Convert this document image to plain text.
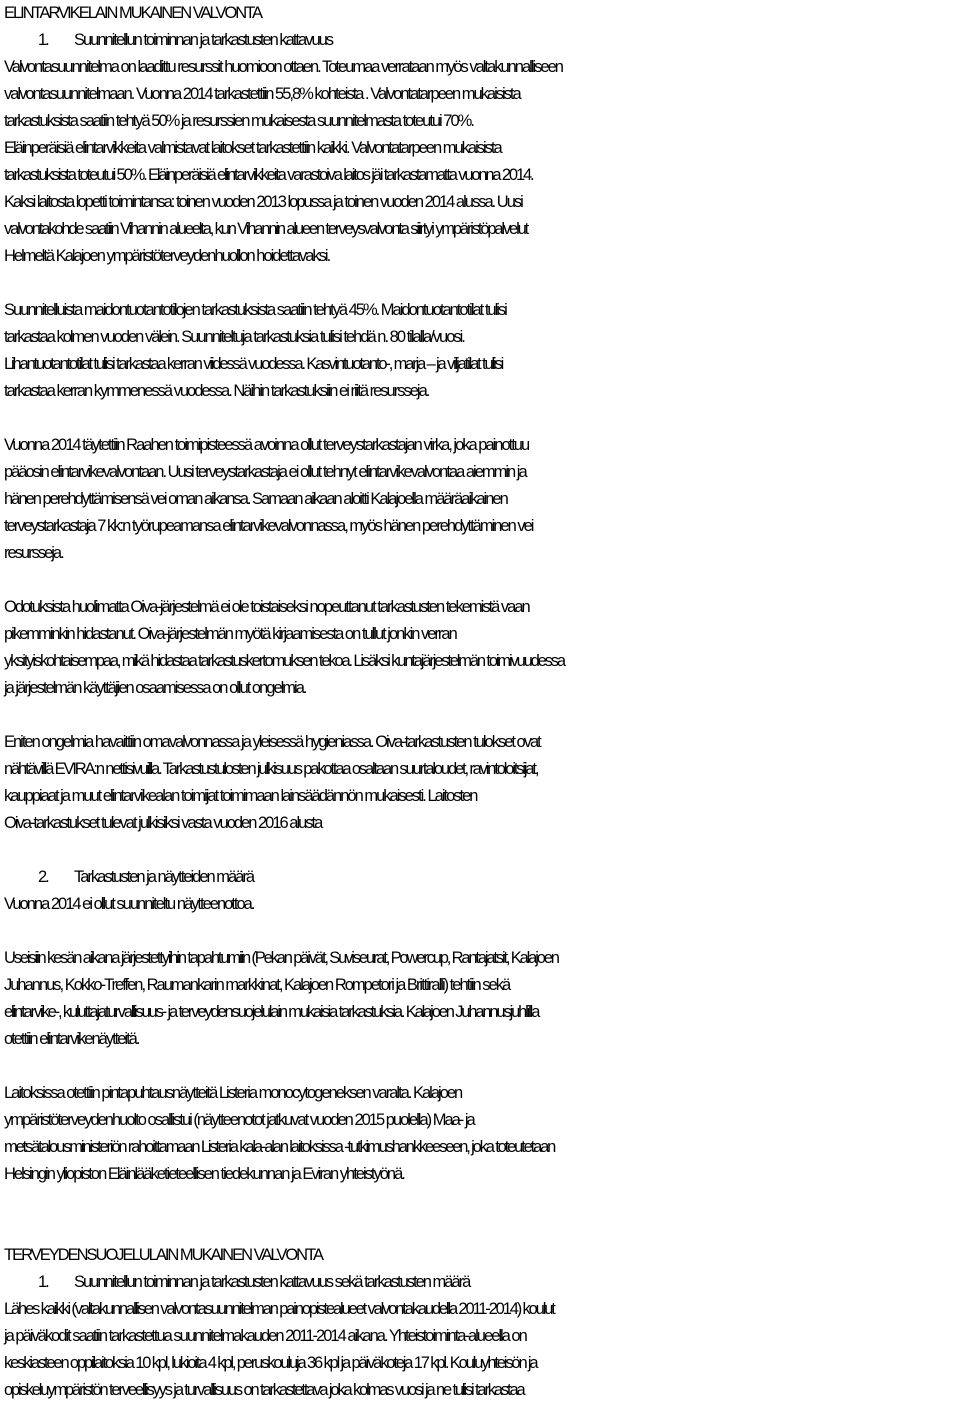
ELINTARVIKELAIN MUKAINEN VALVONTA
1. Suunnitellun toiminnan ja tarkastusten kattavuus
Valvontasuunnitelma on laadittu resurssit huomioon ottaen. Toteumaa verrataan myös valtakunnalliseen
valvontasuunnitelmaan. Vuonna 2014 tarkastettiin 55,8% kohteista . Valvontatarpeen mukaisista
tarkastuksista saatiin tehtyä 50% ja resurssien mukaisesta suunnitelmasta toteutui 70%.
Eläinperäisiä elintarvikkeita valmistavat laitokset tarkastettiin kaikki. Valvontatarpeen mukaisista
tarkastuksista toteutui 50%. Eläinperäisiä elintarvikkeita varastoiva laitos jäi tarkastamatta vuonna 2014.
Kaksi laitosta lopetti toimintansa: toinen vuoden 2013 lopussa ja toinen vuoden 2014 alussa. Uusi
valvontakohde saatiin Vihannin alueelta, kun Vihannin alueen terveysvalvonta siirtyi ympäristöpalvelut
Helmeltä Kalajoen ympäristöterveydenhuollon hoidettavaksi.
Suunnitelluista maidontuotantotilojen tarkastuksista saatiin tehtyä 45%. Maidontuotantotilat tulisi
tarkastaa kolmen vuoden välein. Suunniteltuja tarkastuksia tulisi tehdä n. 80 tilalla/vuosi.
Lihantuotantotilat tulisi tarkastaa kerran viidessä vuodessa. Kasvintuotanto-, marja – ja viljatilat tulisi
tarkastaa kerran kymmenessä vuodessa. Näihin tarkastuksiin ei riitä resursseja.
Vuonna 2014 täytettiin Raahen toimipisteessä avoinna ollut terveystarkastajan virka, joka painottuu
pääosin elintarvikevalvontaan. Uusi terveystarkastaja ei ollut tehnyt elintarvikevalvontaa aiemmin ja
hänen perehdyttämisensä vei oman aikansa. Samaan aikaan aloitti Kalajoella määräaikainen
terveystarkastaja 7 kk:n työrupeamansa elintarvikevalvonnassa, myös hänen perehdyttäminen vei
resursseja.
Odotuksista huolimatta Oiva-järjestelmä ei ole toistaiseksi nopeuttanut tarkastusten tekemistä vaan
pikemminkin hidastanut. Oiva-järjestelmän myötä kirjaamisesta on tullut jonkin verran
yksityiskohtaisempaa, mikä hidastaa tarkastuskertomuksen tekoa. Lisäksi kuntajärjestelmän toimivuudessa
ja järjestelmän käyttäjien osaamisessa on ollut ongelmia.
Eniten ongelmia havaittiin omavalvonnassa ja yleisessä hygieniassa. Oiva-tarkastusten tulokset ovat
nähtävillä EVIRA:n nettisivuilla. Tarkastustulosten julkisuus pakottaa osaltaan suurtaloudet, ravintoloitsijat,
kauppiaat ja muut elintarvikealan toimijat toimimaan lainsäädännön mukaisesti. Laitosten
Oiva-tarkastukset tulevat julkisiksi vasta vuoden 2016 alusta
2. Tarkastusten ja näytteiden määrä
Vuonna 2014 ei ollut suunniteltu näytteenottoa.
Useisiin kesän aikana järjestettyihin tapahtumiin (Pekan päivät, Suviseurat, Powercup, Rantajatsit, Kalajoen
Juhannus, Kokko-Treffen, Raumankarin markkinat, Kalajoen Rompetori ja Brittiralli) tehtiin sekä
elintarvike-, kuluttajaturvallisuus- ja terveydensuojelulain mukaisia tarkastuksia. Kalajoen Juhannusjuhlilla
otettiin elintarvikenäytteitä.
Laitoksissa otettiin pintapuhtausnäytteitä Listeria monocytogeneksen varalta. Kalajoen
ympäristöterveydenhuolto osallistui (näytteenotot jatkuvat vuoden 2015 puolella) Maa- ja
metsätalousministeriön rahoittamaan Listeria kala-alan laitoksissa -tutkimushankkeeseen, joka toteutetaan
Helsingin yliopiston Eläinlääketieteellisen tiedekunnan ja Eviran yhteistyönä.
TERVEYDENSUOJELULAIN MUKAINEN VALVONTA
1. Suunnitellun toiminnan ja tarkastusten kattavuus sekä tarkastusten määrä
Lähes kaikki (valtakunnallisen valvontasuunnitelman painopistealueet valvontakaudella 2011-2014) koulut
ja päiväkodit saatiin tarkastettua suunnitelmakauden 2011-2014 aikana. Yhteistoiminta-alueella on
keskiasteen oppilaitoksia 10 kpl, lukioita 4 kpl, peruskouluja 36 kpl ja päiväkoteja 17 kpl. Kouluyhteisön ja
opiskeluympäristön terveellisyys ja turvallisuus on tarkastettava joka kolmas vuosi ja ne tulisi tarkastaa
